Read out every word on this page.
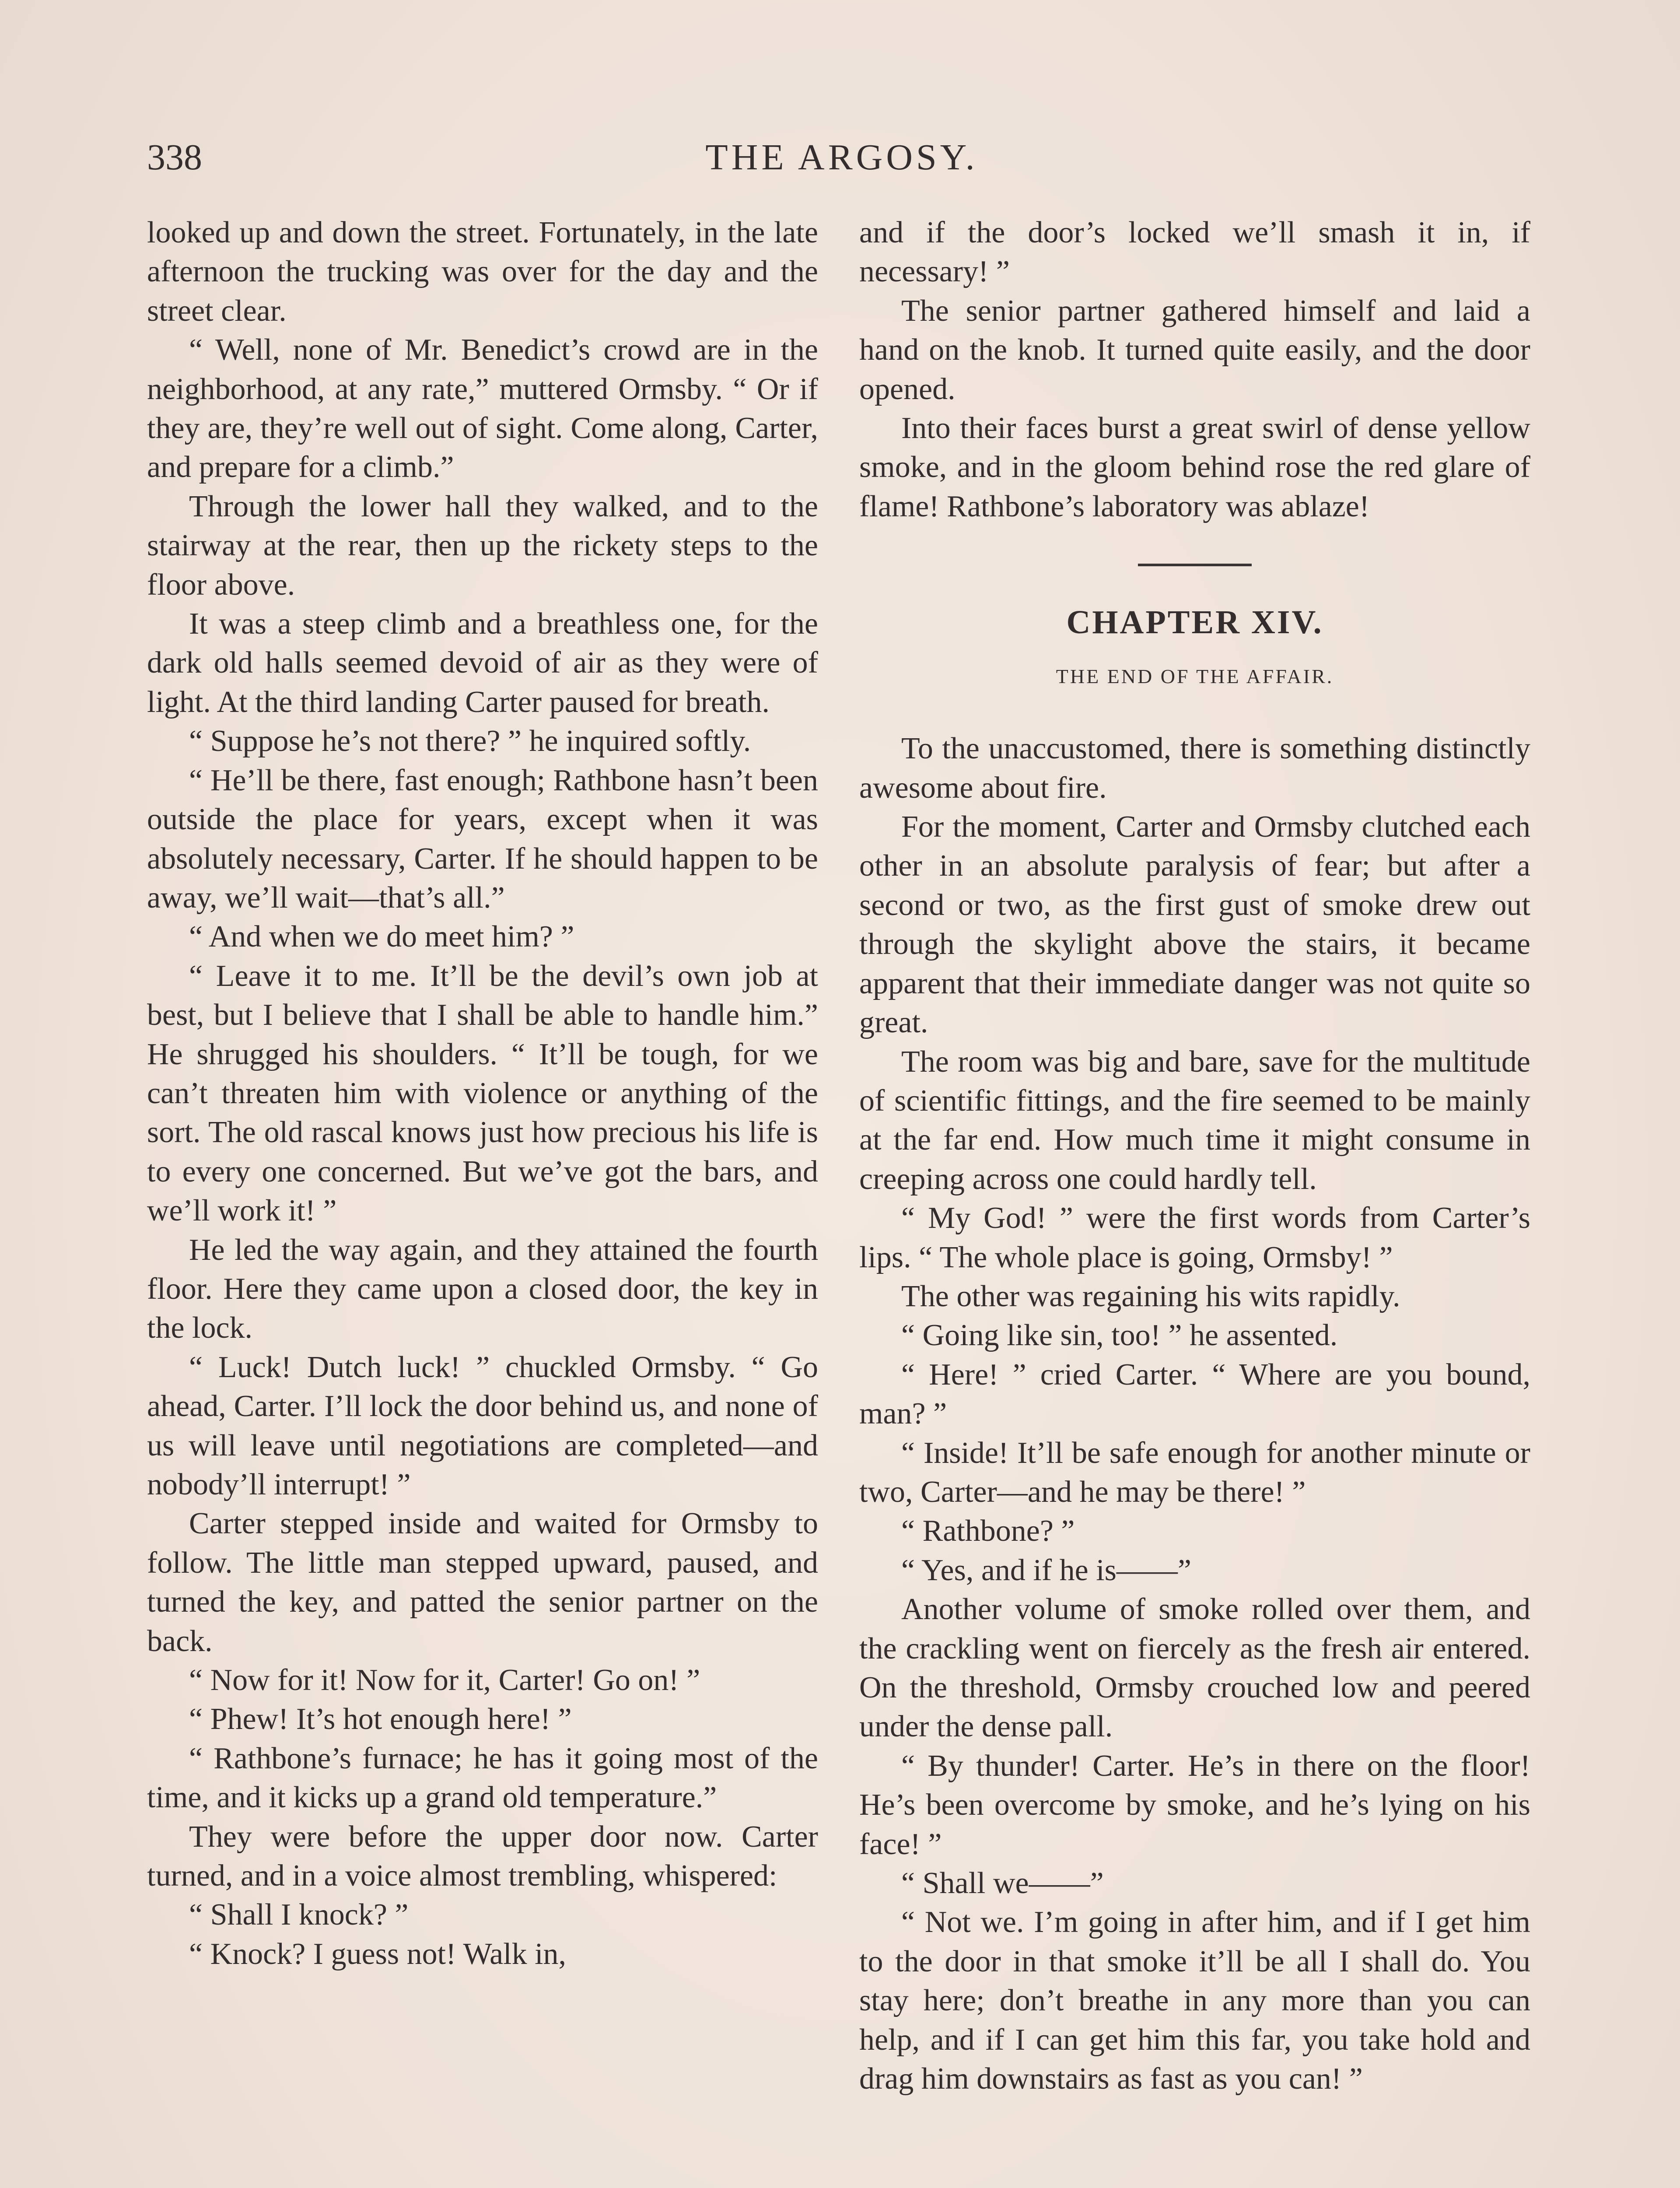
338	THE ARGOSY.

looked up and down the street. Fortunately, in the late afternoon the trucking was over for the day and the street clear.

“ Well, none of Mr. Benedict’s crowd are in the neighborhood, at any rate,” muttered Ormsby. “ Or if they are, they’re well out of sight. Come along, Carter, and prepare for a climb.”

Through the lower hall they walked, and to the stairway at the rear, then up the rickety steps to the floor above.

It was a steep climb and a breathless one, for the dark old halls seemed devoid of air as they were of light. At the third landing Carter paused for breath.

“ Suppose he’s not there? ” he inquired softly.

“ He’ll be there, fast enough; Rathbone hasn’t been outside the place for years, except when it was absolutely necessary, Carter. If he should happen to be away, we’ll wait—that’s all.”

“ And when we do meet him? ”

“ Leave it to me. It’ll be the devil’s own job at best, but I believe that I shall be able to handle him.” He shrugged his shoulders. “ It’ll be tough, for we can’t threaten him with violence or anything of the sort. The old rascal knows just how precious his life is to every one concerned. But we’ve got the bars, and we’ll work it! ”

He led the way again, and they attained the fourth floor. Here they came upon a closed door, the key in the lock.

“ Luck! Dutch luck! ” chuckled Ormsby. “ Go ahead, Carter. I’ll lock the door behind us, and none of us will leave until negotiations are completed—and nobody’ll interrupt! ”

Carter stepped inside and waited for Ormsby to follow. The little man stepped upward, paused, and turned the key, and patted the senior partner on the back.

“ Now for it! Now for it, Carter! Go on! ”

“ Phew! It’s hot enough here! ”

“ Rathbone’s furnace; he has it going most of the time, and it kicks up a grand old temperature.”

They were before the upper door now. Carter turned, and in a voice almost trembling, whispered:

“ Shall I knock? ”

“ Knock? I guess not! Walk in,

and if the door’s locked we’ll smash it in, if necessary! ”

The senior partner gathered himself and laid a hand on the knob. It turned quite easily, and the door opened.

Into their faces burst a great swirl of dense yellow smoke, and in the gloom behind rose the red glare of flame! Rathbone’s laboratory was ablaze!

CHAPTER XIV.
THE END OF THE AFFAIR.

To the unaccustomed, there is something distinctly awesome about fire.

For the moment, Carter and Ormsby clutched each other in an absolute paralysis of fear; but after a second or two, as the first gust of smoke drew out through the skylight above the stairs, it became apparent that their immediate danger was not quite so great.

The room was big and bare, save for the multitude of scientific fittings, and the fire seemed to be mainly at the far end. How much time it might consume in creeping across one could hardly tell.

“ My God! ” were the first words from Carter’s lips. “ The whole place is going, Ormsby! ”

The other was regaining his wits rapidly.

“ Going like sin, too! ” he assented.

“ Here! ” cried Carter. “ Where are you bound, man? ”

“ Inside! It’ll be safe enough for another minute or two, Carter—and he may be there! ”

“ Rathbone? ”

“ Yes, and if he is——”

Another volume of smoke rolled over them, and the crackling went on fiercely as the fresh air entered. On the threshold, Ormsby crouched low and peered under the dense pall.

“ By thunder! Carter. He’s in there on the floor! He’s been overcome by smoke, and he’s lying on his face! ”

“ Shall we——”

“ Not we. I’m going in after him, and if I get him to the door in that smoke it’ll be all I shall do. You stay here; don’t breathe in any more than you can help, and if I can get him this far, you take hold and drag him downstairs as fast as you can! ”
